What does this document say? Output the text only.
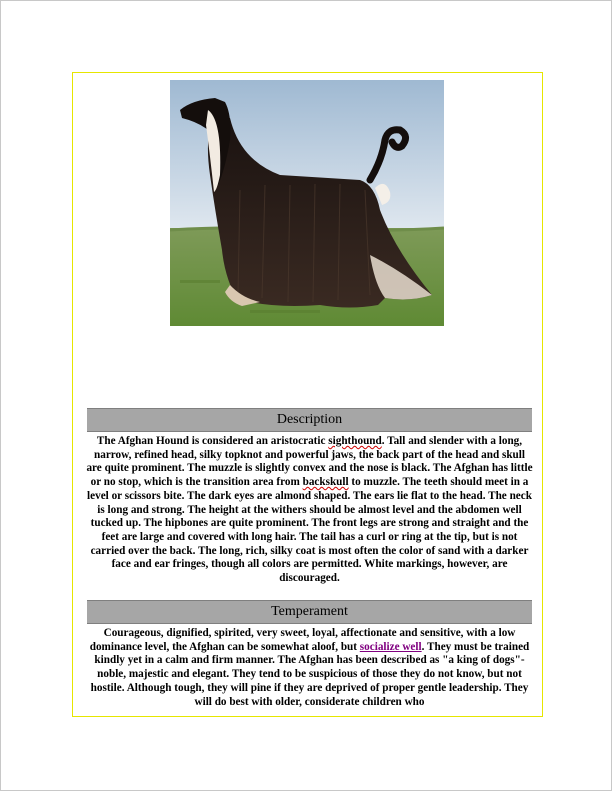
Description

The Afghan Hound is considered an aristocratic sighthound. Tall and slender with a long, narrow, refined head, silky topknot and powerful jaws, the back part of the head and skull are quite prominent. The muzzle is slightly convex and the nose is black. The Afghan has little or no stop, which is the transition area from backskull to muzzle. The teeth should meet in a level or scissors bite. The dark eyes are almond shaped. The ears lie flat to the head. The neck is long and strong. The height at the withers should be almost level and the abdomen well tucked up. The hipbones are quite prominent. The front legs are strong and straight and the feet are large and covered with long hair. The tail has a curl or ring at the tip, but is not carried over the back. The long, rich, silky coat is most often the color of sand with a darker face and ear fringes, though all colors are permitted. White markings, however, are discouraged.

Temperament

Courageous, dignified, spirited, very sweet, loyal, affectionate and sensitive, with a low dominance level, the Afghan can be somewhat aloof, but socialize well. They must be trained kindly yet in a calm and firm manner. The Afghan has been described as "a king of dogs"-noble, majestic and elegant. They tend to be suspicious of those they do not know, but not hostile. Although tough, they will pine if they are deprived of proper gentle leadership. They will do best with older, considerate children who
